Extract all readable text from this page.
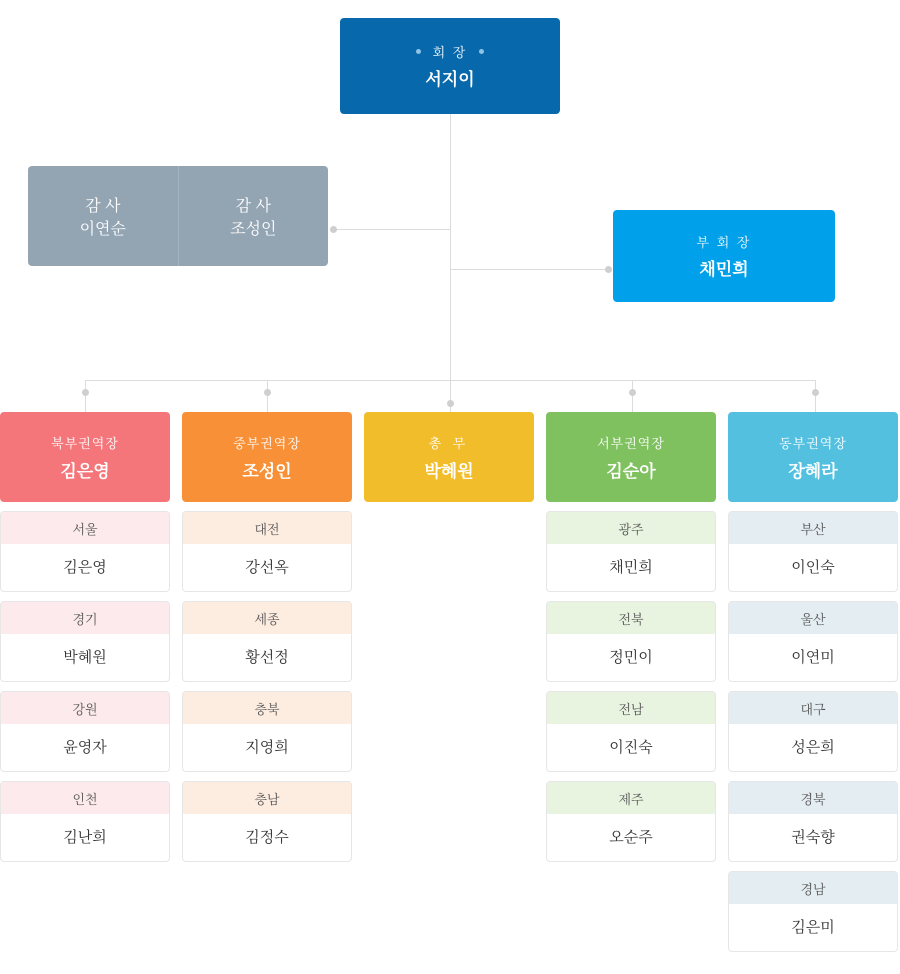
회 장
서지이
감 사
이연순
감 사
조성인
부 회 장
채민희
북부권역장
김은영
서울
김은영
경기
박혜원
강원
윤영자
인천
김난희
중부권역장
조성인
대전
강선옥
세종
황선정
충북
지영희
충남
김정수
총 무
박혜원
서부권역장
김순아
광주
채민희
전북
정민이
전남
이진숙
제주
오순주
동부권역장
장혜라
부산
이인숙
울산
이연미
대구
성은희
경북
권숙향
경남
김은미
